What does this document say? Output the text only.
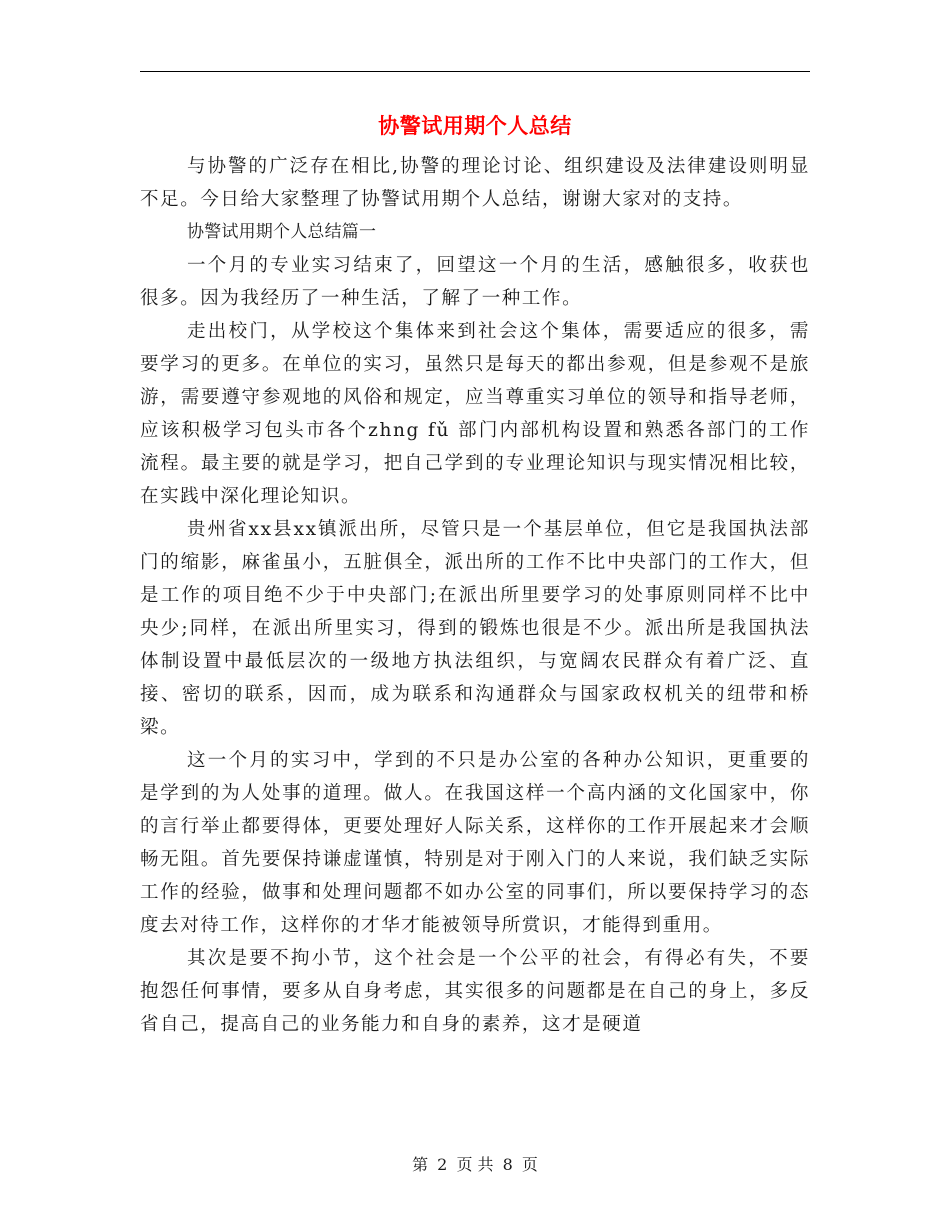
协警试用期个人总结

与协警的广泛存在相比,协警的理论讨论、组织建设及法律建设则明显不足。今日给大家整理了协警试用期个人总结，谢谢大家对的支持。

协警试用期个人总结篇一

一个月的专业实习结束了，回望这一个月的生活，感触很多，收获也很多。因为我经历了一种生活，了解了一种工作。

走出校门，从学校这个集体来到社会这个集体，需要适应的很多，需要学习的更多。在单位的实习，虽然只是每天的都出参观，但是参观不是旅游，需要遵守参观地的风俗和规定，应当尊重实习单位的领导和指导老师，应该积极学习包头市各个zhng fǔ 部门内部机构设置和熟悉各部门的工作流程。最主要的就是学习，把自己学到的专业理论知识与现实情况相比较，在实践中深化理论知识。

贵州省xx县xx镇派出所，尽管只是一个基层单位，但它是我国执法部门的缩影，麻雀虽小，五脏俱全，派出所的工作不比中央部门的工作大，但是工作的项目绝不少于中央部门;在派出所里要学习的处事原则同样不比中央少;同样，在派出所里实习，得到的锻炼也很是不少。派出所是我国执法体制设置中最低层次的一级地方执法组织，与宽阔农民群众有着广泛、直接、密切的联系，因而，成为联系和沟通群众与国家政权机关的纽带和桥梁。

这一个月的实习中，学到的不只是办公室的各种办公知识，更重要的是学到的为人处事的道理。做人。在我国这样一个高内涵的文化国家中，你的言行举止都要得体，更要处理好人际关系，这样你的工作开展起来才会顺畅无阻。首先要保持谦虚谨慎，特别是对于刚入门的人来说，我们缺乏实际工作的经验，做事和处理问题都不如办公室的同事们，所以要保持学习的态度去对待工作，这样你的才华才能被领导所赏识，才能得到重用。

其次是要不拘小节，这个社会是一个公平的社会，有得必有失，不要抱怨任何事情，要多从自身考虑，其实很多的问题都是在自己的身上，多反省自己，提高自己的业务能力和自身的素养，这才是硬道

第 2 页 共 8 页
